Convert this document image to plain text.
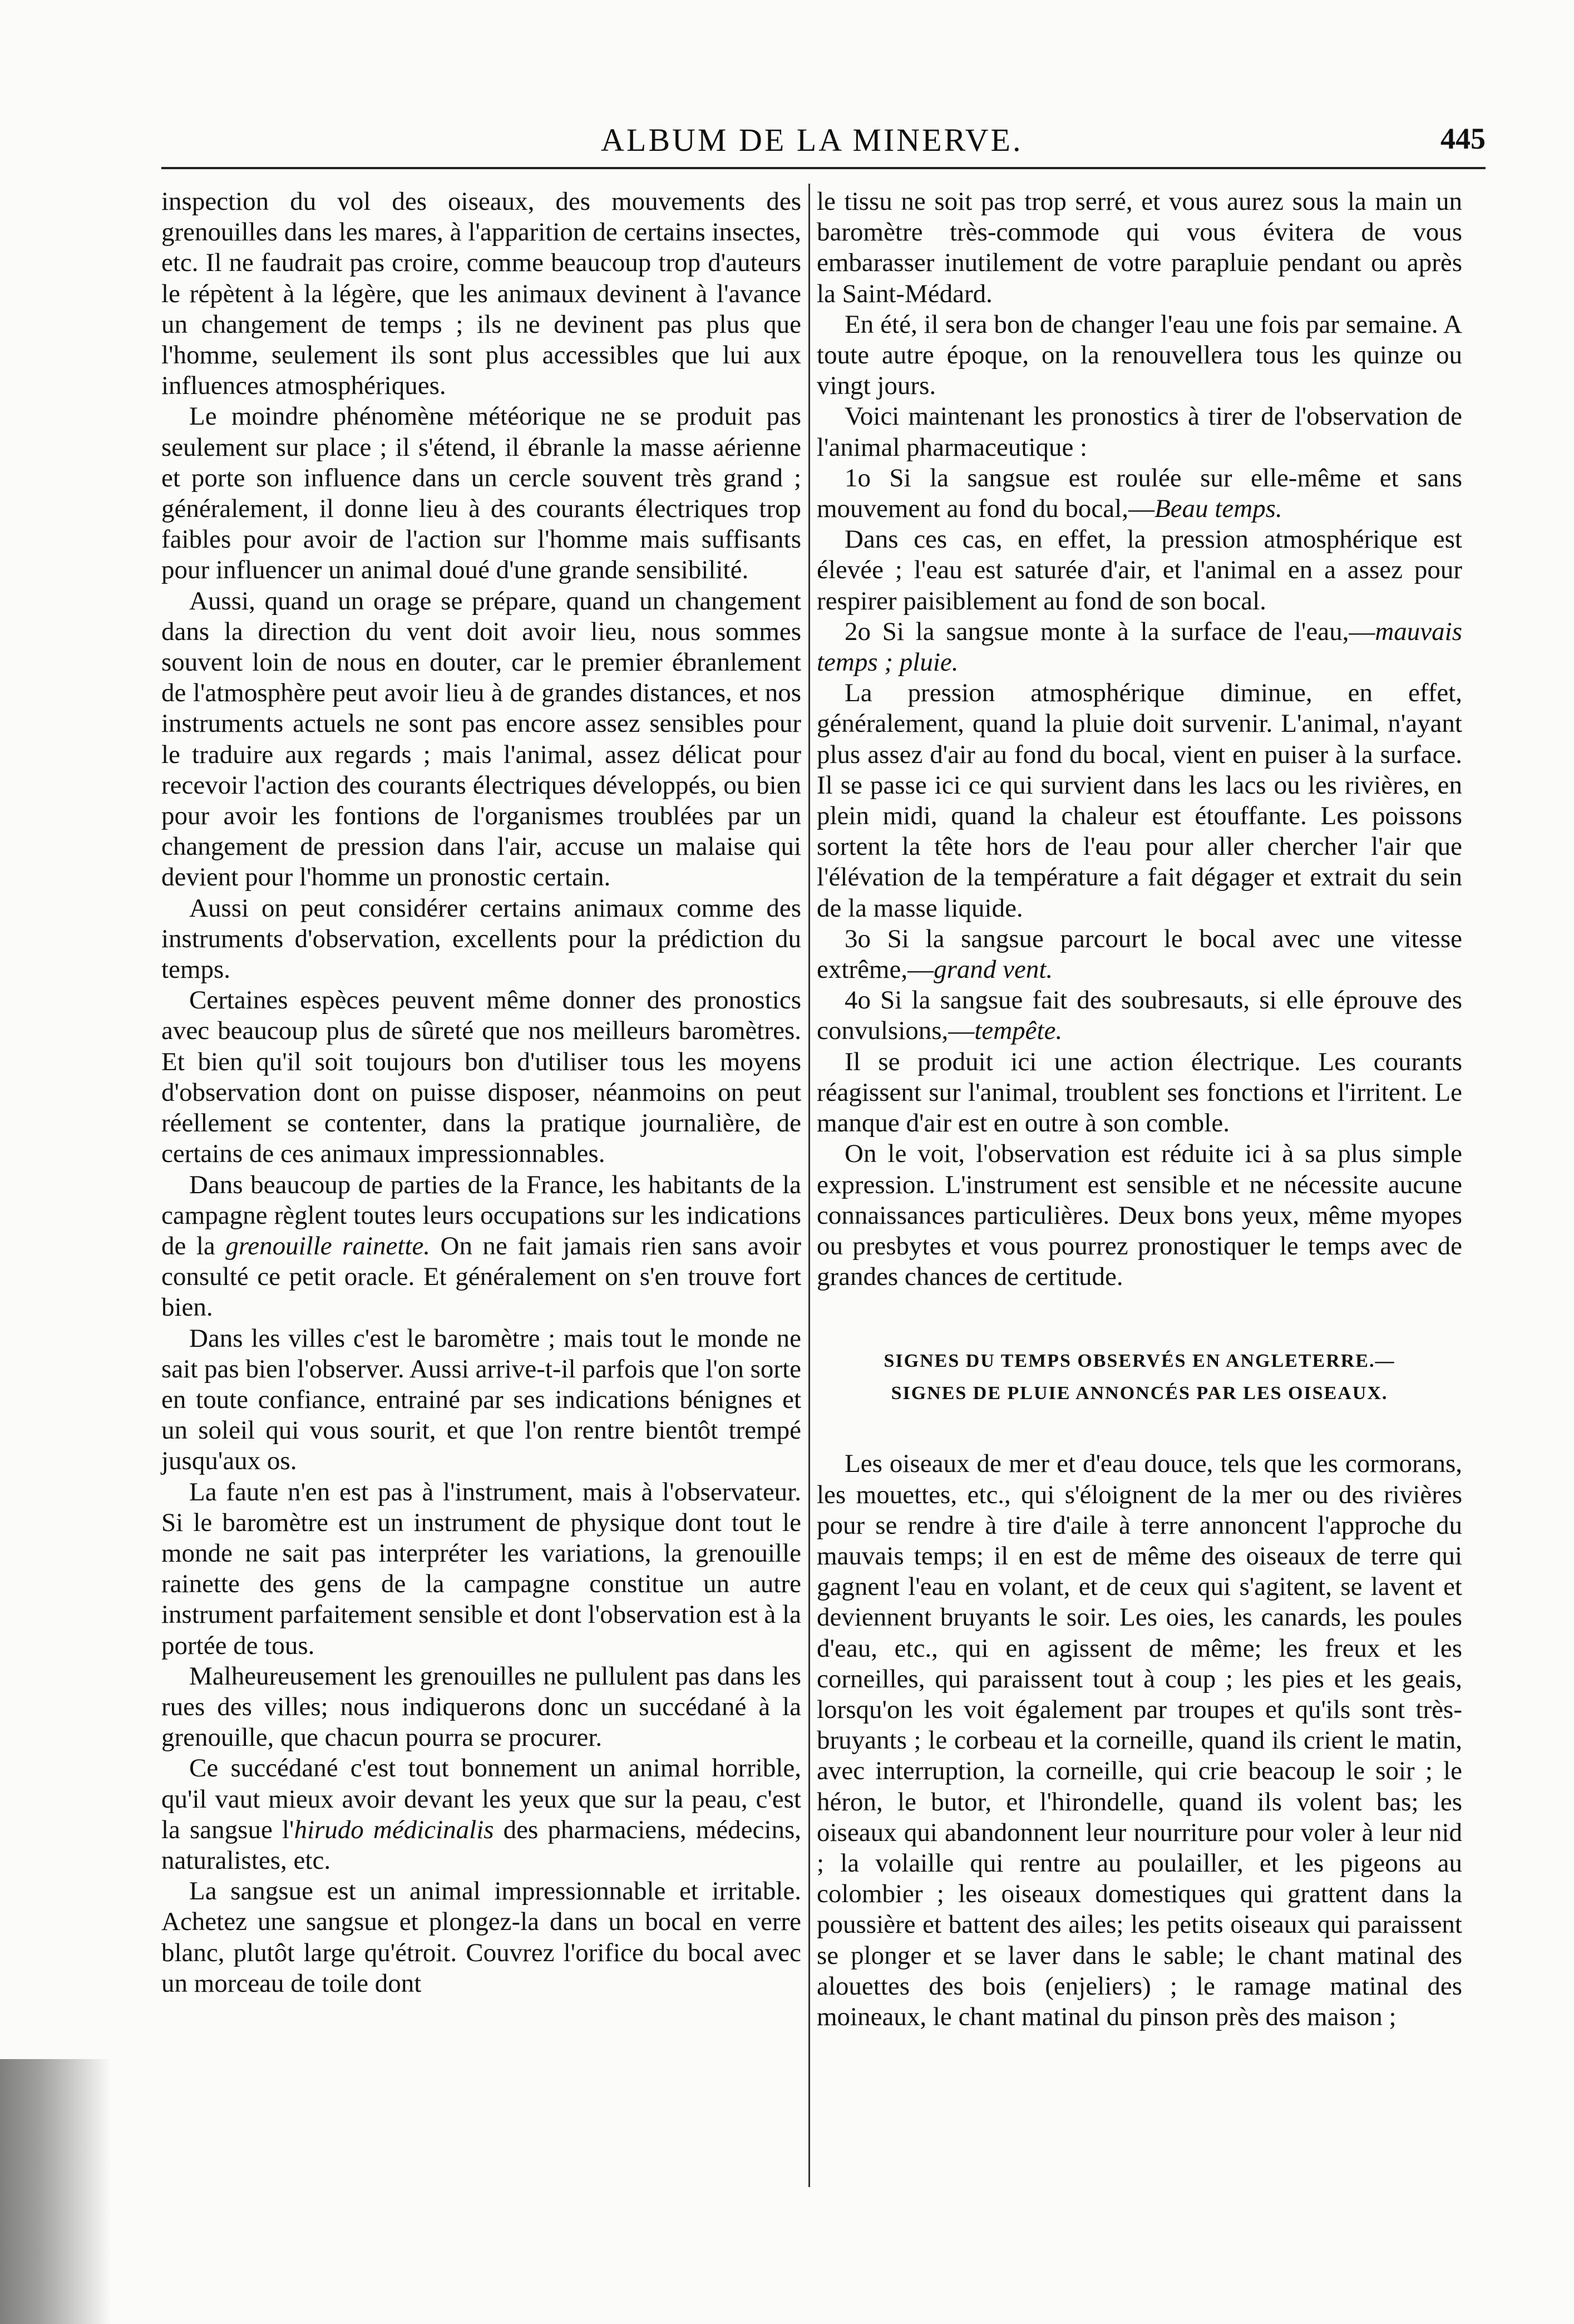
ALBUM DE LA MINERVE.	445

inspection du vol des oiseaux, des mouvements des grenouilles dans les mares, à l'apparition de certains insectes, etc. Il ne faudrait pas croire, comme beaucoup trop d'auteurs le répètent à la légère, que les animaux devinent à l'avance un changement de temps ; ils ne devinent pas plus que l'homme, seulement ils sont plus accessibles que lui aux influences atmosphériques.

Le moindre phénomène météorique ne se produit pas seulement sur place ; il s'étend, il ébranle la masse aérienne et porte son influence dans un cercle souvent très grand ; généralement, il donne lieu à des courants électriques trop faibles pour avoir de l'action sur l'homme mais suffisants pour influencer un animal doué d'une grande sensibilité.

Aussi, quand un orage se prépare, quand un changement dans la direction du vent doit avoir lieu, nous sommes souvent loin de nous en douter, car le premier ébranlement de l'atmosphère peut avoir lieu à de grandes distances, et nos instruments actuels ne sont pas encore assez sensibles pour le traduire aux regards ; mais l'animal, assez délicat pour recevoir l'action des courants électriques développés, ou bien pour avoir les fontions de l'organismes troublées par un changement de pression dans l'air, accuse un malaise qui devient pour l'homme un pronostic certain.

Aussi on peut considérer certains animaux comme des instruments d'observation, excellents pour la prédiction du temps.

Certaines espèces peuvent même donner des pronostics avec beaucoup plus de sûreté que nos meilleurs baromètres. Et bien qu'il soit toujours bon d'utiliser tous les moyens d'observation dont on puisse disposer, néanmoins on peut réellement se contenter, dans la pratique journalière, de certains de ces animaux impressionnables.

Dans beaucoup de parties de la France, les habitants de la campagne règlent toutes leurs occupations sur les indications de la grenouille rainette. On ne fait jamais rien sans avoir consulté ce petit oracle. Et généralement on s'en trouve fort bien.

Dans les villes c'est le baromètre ; mais tout le monde ne sait pas bien l'observer. Aussi arrive-t-il parfois que l'on sorte en toute confiance, entrainé par ses indications bénignes et un soleil qui vous sourit, et que l'on rentre bientôt trempé jusqu'aux os.

La faute n'en est pas à l'instrument, mais à l'observateur. Si le baromètre est un instrument de physique dont tout le monde ne sait pas interpréter les variations, la grenouille rainette des gens de la campagne constitue un autre instrument parfaitement sensible et dont l'observation est à la portée de tous.

Malheureusement les grenouilles ne pullulent pas dans les rues des villes; nous indiquerons donc un succédané à la grenouille, que chacun pourra se procurer.

Ce succédané c'est tout bonnement un animal horrible, qu'il vaut mieux avoir devant les yeux que sur la peau, c'est la sangsue l'hirudo médicinalis des pharmaciens, médecins, naturalistes, etc.

La sangsue est un animal impressionnable et irritable. Achetez une sangsue et plongez-la dans un bocal en verre blanc, plutôt large qu'étroit. Couvrez l'orifice du bocal avec un morceau de toile dont

le tissu ne soit pas trop serré, et vous aurez sous la main un baromètre très-commode qui vous évitera de vous embarasser inutilement de votre parapluie pendant ou après la Saint-Médard.

En été, il sera bon de changer l'eau une fois par semaine. A toute autre époque, on la renouvellera tous les quinze ou vingt jours.

Voici maintenant les pronostics à tirer de l'observation de l'animal pharmaceutique :

1o Si la sangsue est roulée sur elle-même et sans mouvement au fond du bocal,—Beau temps.

Dans ces cas, en effet, la pression atmosphérique est élevée ; l'eau est saturée d'air, et l'animal en a assez pour respirer paisiblement au fond de son bocal.

2o Si la sangsue monte à la surface de l'eau,—mauvais temps ; pluie.

La pression atmosphérique diminue, en effet, généralement, quand la pluie doit survenir. L'animal, n'ayant plus assez d'air au fond du bocal, vient en puiser à la surface. Il se passe ici ce qui survient dans les lacs ou les rivières, en plein midi, quand la chaleur est étouffante. Les poissons sortent la tête hors de l'eau pour aller chercher l'air que l'élévation de la température a fait dégager et extrait du sein de la masse liquide.

3o Si la sangsue parcourt le bocal avec une vitesse extrême,—grand vent.

4o Si la sangsue fait des soubresauts, si elle éprouve des convulsions,—tempête.

Il se produit ici une action électrique. Les courants réagissent sur l'animal, troublent ses fonctions et l'irritent. Le manque d'air est en outre à son comble.

On le voit, l'observation est réduite ici à sa plus simple expression. L'instrument est sensible et ne nécessite aucune connaissances particulières. Deux bons yeux, même myopes ou presbytes et vous pourrez pronostiquer le temps avec de grandes chances de certitude.

SIGNES DU TEMPS OBSERVÉS EN ANGLETERRE.—
SIGNES DE PLUIE ANNONCÉS PAR LES OISEAUX.

Les oiseaux de mer et d'eau douce, tels que les cormorans, les mouettes, etc., qui s'éloignent de la mer ou des rivières pour se rendre à tire d'aile à terre annoncent l'approche du mauvais temps; il en est de même des oiseaux de terre qui gagnent l'eau en volant, et de ceux qui s'agitent, se lavent et deviennent bruyants le soir. Les oies, les canards, les poules d'eau, etc., qui en agissent de même; les freux et les corneilles, qui paraissent tout à coup ; les pies et les geais, lorsqu'on les voit également par troupes et qu'ils sont très-bruyants ; le corbeau et la corneille, quand ils crient le matin, avec interruption, la corneille, qui crie beacoup le soir ; le héron, le butor, et l'hirondelle, quand ils volent bas; les oiseaux qui abandonnent leur nourriture pour voler à leur nid ; la volaille qui rentre au poulailler, et les pigeons au colombier ; les oiseaux domestiques qui grattent dans la poussière et battent des ailes; les petits oiseaux qui paraissent se plonger et se laver dans le sable; le chant matinal des alouettes des bois (enjeliers) ; le ramage matinal des moineaux, le chant matinal du pinson près des maison ;
